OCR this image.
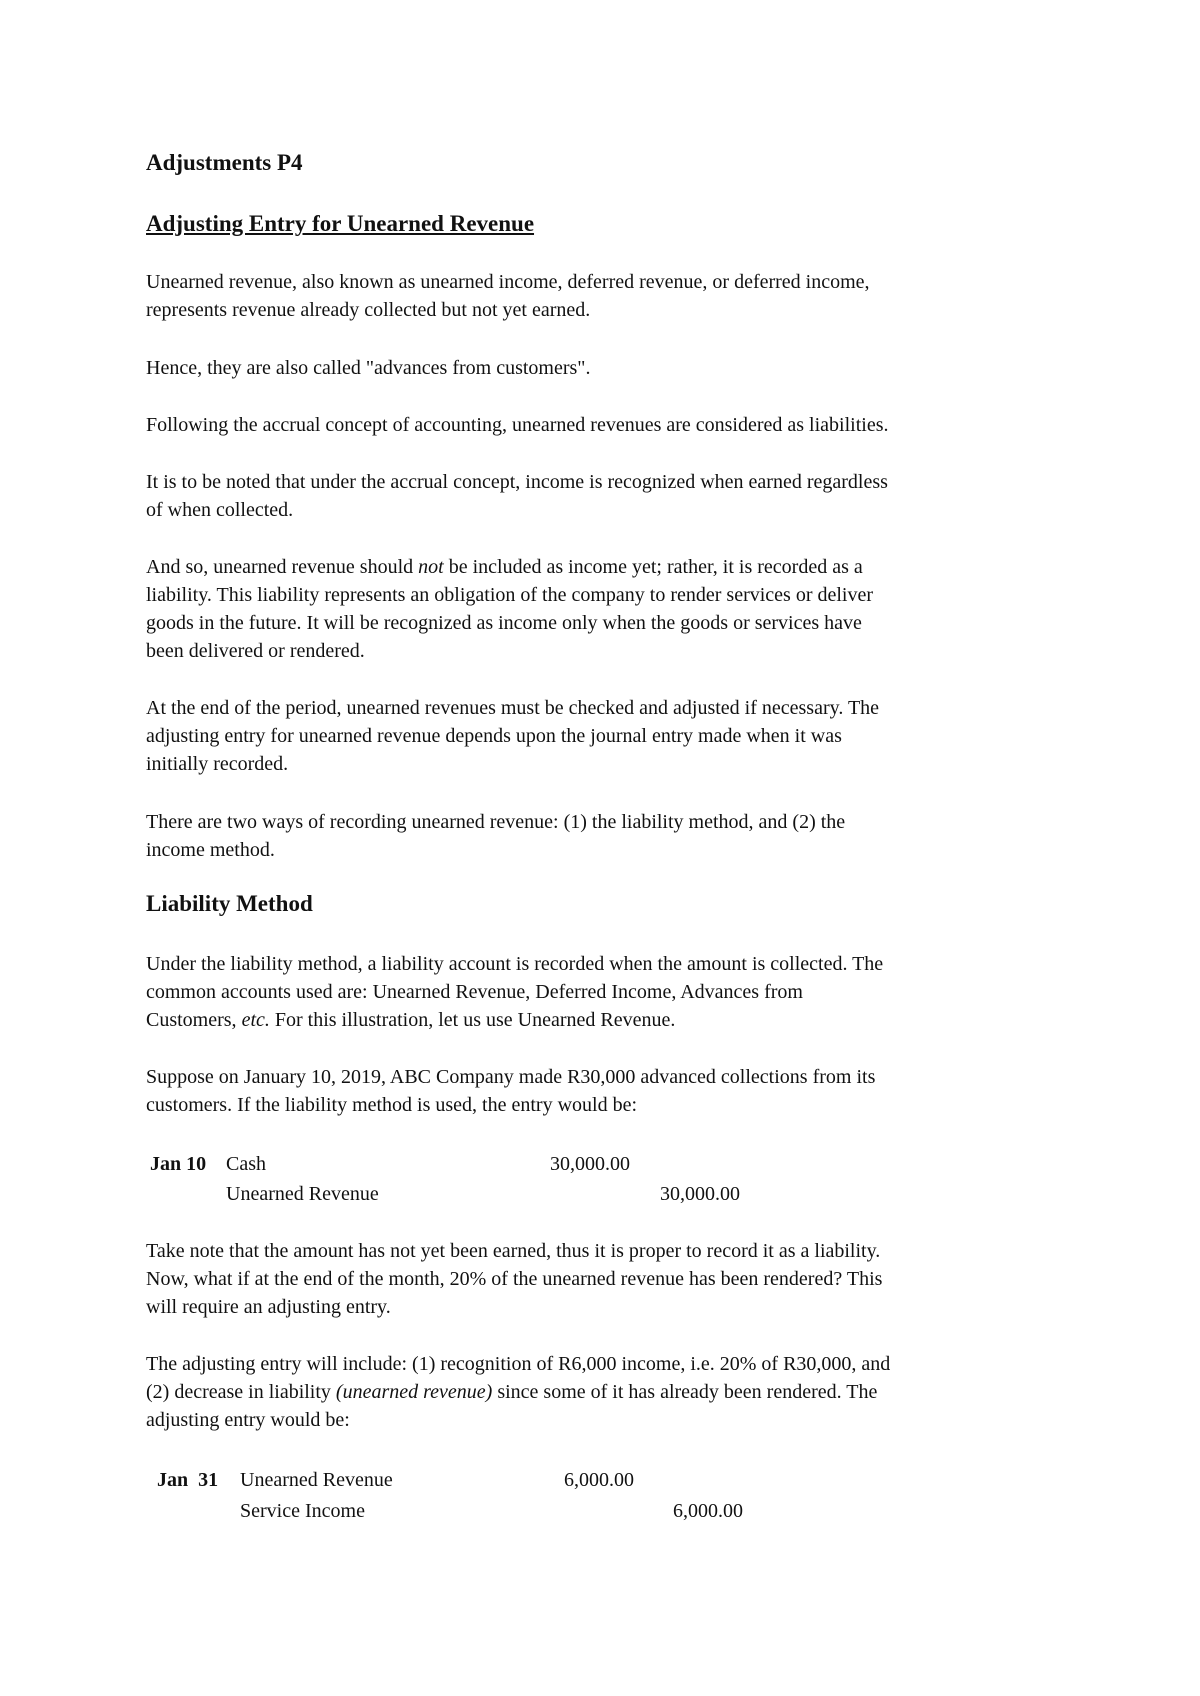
Adjustments P4
Adjusting Entry for Unearned Revenue
Unearned revenue, also known as unearned income, deferred revenue, or deferred income,
represents revenue already collected but not yet earned.
Hence, they are also called "advances from customers".
Following the accrual concept of accounting, unearned revenues are considered as liabilities.
It is to be noted that under the accrual concept, income is recognized when earned regardless
of when collected.
And so, unearned revenue should not be included as income yet; rather, it is recorded as a
liability. This liability represents an obligation of the company to render services or deliver
goods in the future. It will be recognized as income only when the goods or services have
been delivered or rendered.
At the end of the period, unearned revenues must be checked and adjusted if necessary. The
adjusting entry for unearned revenue depends upon the journal entry made when it was
initially recorded.
There are two ways of recording unearned revenue: (1) the liability method, and (2) the
income method.
Liability Method
Under the liability method, a liability account is recorded when the amount is collected. The
common accounts used are: Unearned Revenue, Deferred Income, Advances from
Customers, etc. For this illustration, let us use Unearned Revenue.
Suppose on January 10, 2019, ABC Company made R30,000 advanced collections from its
customers. If the liability method is used, the entry would be:
Jan 10 Cash	30,000.00
Unearned Revenue	30,000.00
Take note that the amount has not yet been earned, thus it is proper to record it as a liability.
Now, what if at the end of the month, 20% of the unearned revenue has been rendered? This
will require an adjusting entry.
The adjusting entry will include: (1) recognition of R6,000 income, i.e. 20% of R30,000, and
(2) decrease in liability (unearned revenue) since some of it has already been rendered. The
adjusting entry would be:
Jan  31 Unearned Revenue	6,000.00
Service Income	6,000.00
